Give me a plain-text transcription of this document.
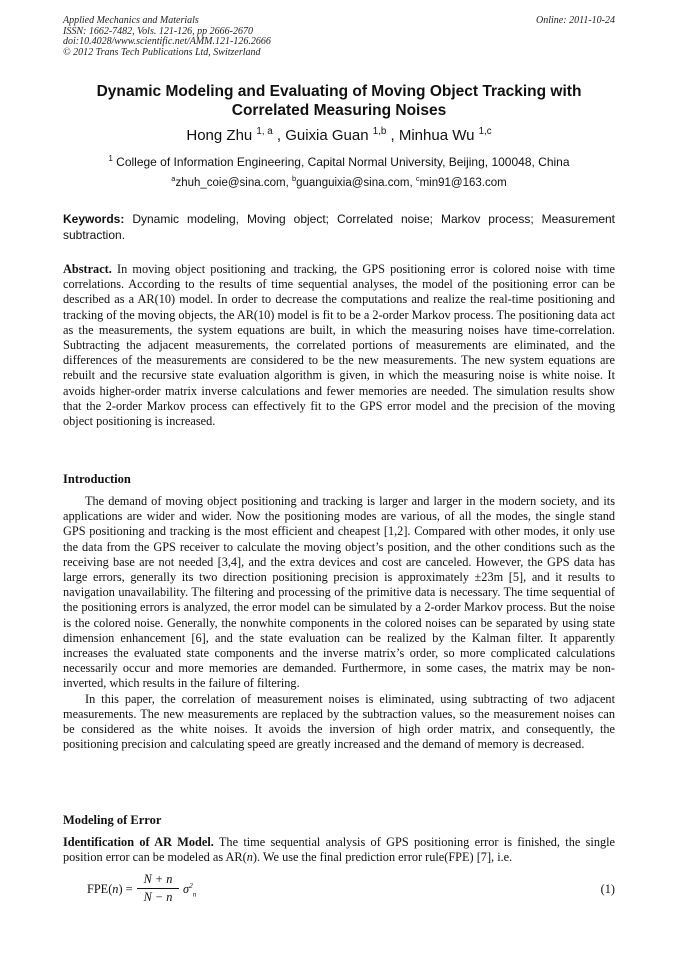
Applied Mechanics and Materials
ISSN: 1662-7482, Vols. 121-126, pp 2666-2670
doi:10.4028/www.scientific.net/AMM.121-126.2666
© 2012 Trans Tech Publications Ltd, Switzerland
Online: 2011-10-24
Dynamic Modeling and Evaluating of Moving Object Tracking with
Correlated Measuring Noises
Hong Zhu $^{1, a}$ , Guixia Guan $^{1,b}$ , Minhua Wu $^{1,c}$
$^1$ College of Information Engineering, Capital Normal University, Beijing, 100048, China
$^a$zhuh_coie@sina.com, $^b$guanguixia@sina.com, $^c$min91@163.com
Keywords: Dynamic modeling, Moving object; Correlated noise; Markov process; Measurement subtraction.
Abstract. In moving object positioning and tracking, the GPS positioning error is colored noise with time correlations. According to the results of time sequential analyses, the model of the positioning error can be described as a AR(10) model. In order to decrease the computations and realize the real-time positioning and tracking of the moving objects, the AR(10) model is fit to be a 2-order Markov process. The positioning data act as the measurements, the system equations are built, in which the measuring noises have time-correlation. Subtracting the adjacent measurements, the correlated portions of measurements are eliminated, and the differences of the measurements are considered to be the new measurements. The new system equations are rebuilt and the recursive state evaluation algorithm is given, in which the measuring noise is white noise. It avoids higher-order matrix inverse calculations and fewer memories are needed. The simulation results show that the 2-order Markov process can effectively fit to the GPS error model and the precision of the moving object positioning is increased.
Introduction

The demand of moving object positioning and tracking is larger and larger in the modern society, and its applications are wider and wider. Now the positioning modes are various, of all the modes, the single stand GPS positioning and tracking is the most efficient and cheapest [1,2]. Compared with other modes, it only use the data from the GPS receiver to calculate the moving object’s position, and the other conditions such as the receiving base are not needed [3,4], and the extra devices and cost are canceled. However, the GPS data has large errors, generally its two direction positioning precision is approximately ±23m [5], and it results to navigation unavailability. The filtering and processing of the primitive data is necessary. The time sequential of the positioning errors is analyzed, the error model can be simulated by a 2-order Markov process. But the noise is the colored noise. Generally, the nonwhite components in the colored noises can be separated by using state dimension enhancement [6], and the state evaluation can be realized by the Kalman filter. It apparently increases the evaluated state components and the inverse matrix’s order, so more complicated calculations necessarily occur and more memories are demanded. Furthermore, in some cases, the matrix may be non-inverted, which results in the failure of filtering.

In this paper, the correlation of measurement noises is eliminated, using subtracting of two adjacent measurements. The new measurements are replaced by the subtraction values, so the measurement noises can be considered as the white noises. It avoids the inversion of high order matrix, and consequently, the positioning precision and calculating speed are greatly increased and the demand of memory is decreased.

Modeling of Error
Identification of AR Model. The time sequential analysis of GPS positioning error is finished, the single position error can be modeled as AR(n). We use the final prediction error rule(FPE) [7], i.e.
FPE(n) =
N + n
N − n
$\sigma^2_n$	(1)
